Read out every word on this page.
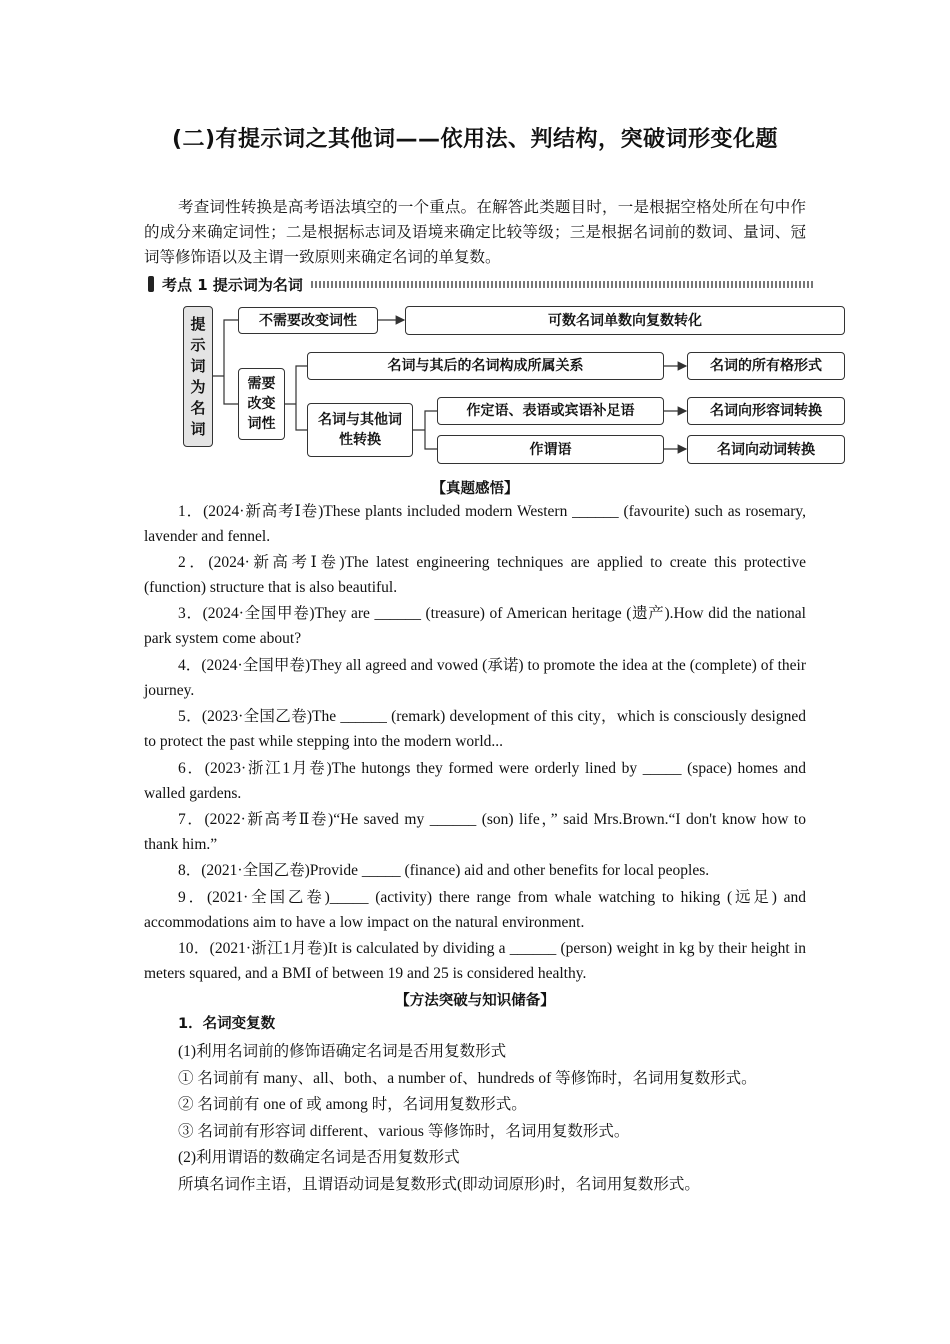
(二)有提示词之其他词——依用法、判结构，突破词形变化题
考查词性转换是高考语法填空的一个重点。在解答此类题目时，一是根据空格处所在句中作的成分来确定词性；二是根据标志词及语境来确定比较等级；三是根据名词前的数词、量词、冠词等修饰语以及主谓一致原则来确定名词的单复数。
考点 1 提示词为名词
提
示
词
为
名
词
不需要改变词性	可数名词单数向复数转化
需要改变词性
名词与其后的名词构成所属关系	名词的所有格形式
名词与其他词性转换
作定语、表语或宾语补足语	名词向形容词转换
作谓语	名词向动词转换
【真题感悟】
1．(2024·新高考Ⅰ卷)These plants included modern Western ______ (favourite) such as rosemary, lavender and fennel.
2．(2024·新高考Ⅰ卷)The latest engineering techniques are applied to create this protective (function) structure that is also beautiful.
3．(2024·全国甲卷)They are ______ (treasure) of American heritage (遗产).How did the national park system come about?
4．(2024·全国甲卷)They all agreed and vowed (承诺) to promote the idea at the (complete) of their journey.
5．(2023·全国乙卷)The ______ (remark) development of this city，which is consciously designed to protect the past while stepping into the modern world...
6．(2023·浙江1月卷)The hutongs they formed were orderly lined by _____ (space) homes and walled gardens.
7．(2022·新高考Ⅱ卷)“He saved my ______ (son) life，” said Mrs.Brown.“I don't know how to thank him.”
8．(2021·全国乙卷)Provide _____ (finance) aid and other benefits for local peoples.
9．(2021·全国乙卷)_____ (activity) there range from whale watching to hiking (远足) and accommodations aim to have a low impact on the natural environment.
10．(2021·浙江1月卷)It is calculated by dividing a ______ (person) weight in kg by their height in meters squared, and a BMI of between 19 and 25 is considered healthy.
【方法突破与知识储备】
1．名词变复数
(1)利用名词前的修饰语确定名词是否用复数形式
① 名词前有 many、all、both、a number of、hundreds of 等修饰时，名词用复数形式。
② 名词前有 one of 或 among 时，名词用复数形式。
③ 名词前有形容词 different、various 等修饰时，名词用复数形式。
(2)利用谓语的数确定名词是否用复数形式
所填名词作主语，且谓语动词是复数形式(即动词原形)时，名词用复数形式。
